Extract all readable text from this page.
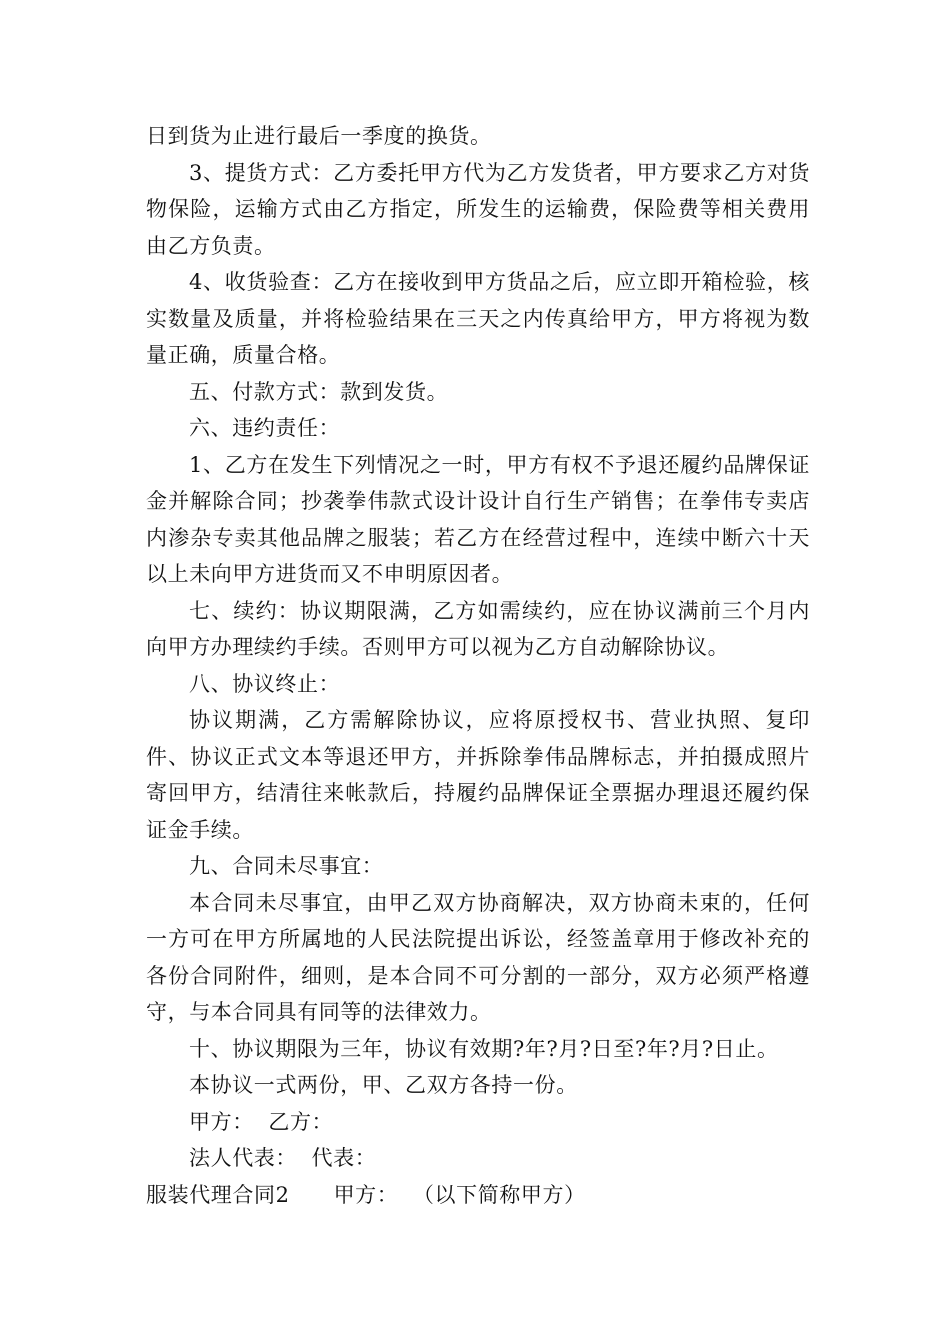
日到货为止进行最后一季度的换货。

3、提货方式：乙方委托甲方代为乙方发货者，甲方要求乙方对货物保险，运输方式由乙方指定，所发生的运输费，保险费等相关费用由乙方负责。

4、收货验查：乙方在接收到甲方货品之后，应立即开箱检验，核实数量及质量，并将检验结果在三天之内传真给甲方，甲方将视为数量正确，质量合格。

五、付款方式：款到发货。

六、违约责任：

1、乙方在发生下列情况之一时，甲方有权不予退还履约品牌保证金并解除合同；抄袭拳伟款式设计设计自行生产销售；在拳伟专卖店内渗杂专卖其他品牌之服装；若乙方在经营过程中，连续中断六十天以上未向甲方进货而又不申明原因者。

七、续约：协议期限满，乙方如需续约，应在协议满前三个月内向甲方办理续约手续。否则甲方可以视为乙方自动解除协议。

八、协议终止：

协议期满，乙方需解除协议，应将原授权书、营业执照、复印件、协议正式文本等退还甲方，并拆除拳伟品牌标志，并拍摄成照片寄回甲方，结清往来帐款后，持履约品牌保证全票据办理退还履约保证金手续。

九、合同未尽事宜：

本合同未尽事宜，由甲乙双方协商解决，双方协商未束的，任何一方可在甲方所属地的人民法院提出诉讼，经签盖章用于修改补充的各份合同附件，细则，是本合同不可分割的一部分，双方必须严格遵守，与本合同具有同等的法律效力。

十、协议期限为三年，协议有效期?年?月?日至?年?月?日止。

本协议一式两份，甲、乙双方各持一份。

甲方：  乙方：

法人代表：  代表：

服装代理合同2 甲方：  （以下简称甲方）
